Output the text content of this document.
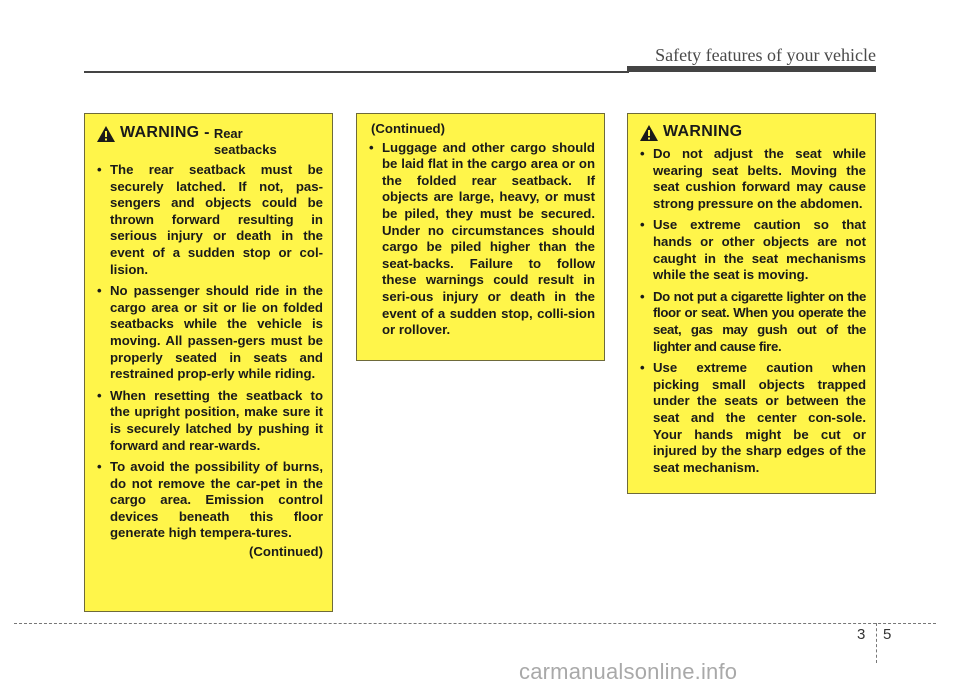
Safety features of your vehicle
WARNING - Rear seatbacks
• The rear seatback must be securely latched. If not, pas-sengers and objects could be thrown forward resulting in serious injury or death in the event of a sudden stop or col-lision.
• No passenger should ride in the cargo area or sit or lie on folded seatbacks while the vehicle is moving. All passen-gers must be properly seated in seats and restrained prop-erly while riding.
• When resetting the seatback to the upright position, make sure it is securely latched by pushing it forward and rear-wards.
• To avoid the possibility of burns, do not remove the car-pet in the cargo area. Emission control devices beneath this floor generate high tempera-tures.
(Continued)
(Continued)
• Luggage and other cargo should be laid flat in the cargo area or on the folded rear seatback. If objects are large, heavy, or must be piled, they must be secured. Under no circumstances should cargo be piled higher than the seat-backs. Failure to follow these warnings could result in seri-ous injury or death in the event of a sudden stop, colli-sion or rollover.
WARNING
• Do not adjust the seat while wearing seat belts. Moving the seat cushion forward may cause strong pressure on the abdomen.
• Use extreme caution so that hands or other objects are not caught in the seat mechanisms while the seat is moving.
• Do not put a cigarette lighter on the floor or seat. When you operate the seat, gas may gush out of the lighter and cause fire.
• Use extreme caution when picking small objects trapped under the seats or between the seat and the center con-sole. Your hands might be cut or injured by the sharp edges of the seat mechanism.
3 5
carmanualsonline.info
